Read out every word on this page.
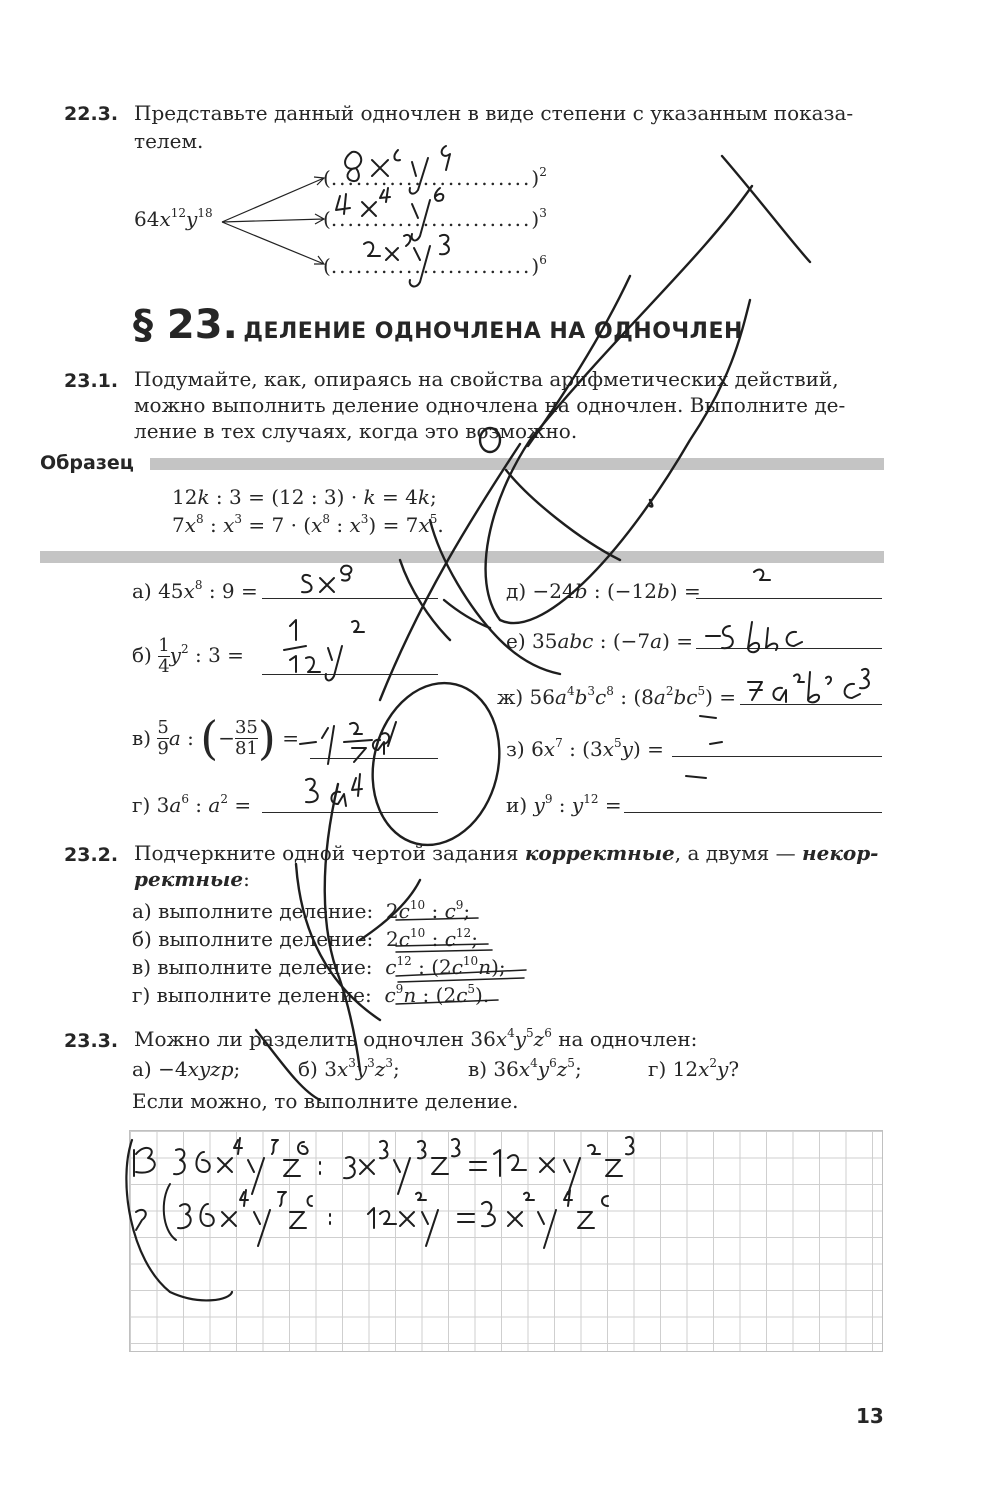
22.3. Представьте данный одночлен в виде степени с указанным показа-
телем.
$64x^{12}y^{18}$
(........................)$^2$
(........................)$^3$
(........................)$^6$
§ 23. ДЕЛЕНИЕ ОДНОЧЛЕНА НА ОДНОЧЛЕН
23.1. Подумайте, как, опираясь на свойства арифметических действий,
можно выполнить деление одночлена на одночлен. Выполните де-
ление в тех случаях, когда это возможно.
Образец
12k : 3 = (12 : 3) · k = 4k;
$7x^8$ : $x^3 = 7 \cdot (x^8$ : $x^3) = 7x^5$.
а) $45x^8$ : 9 =
$б) \frac{1}{4} y^2$ : 3 =
в)
$\frac{5}{9}$ a : ( − $\frac{35}{81}$ ) =
г) $3a^6$ : $a^2$ =
д) −24b : (−12b) =
е) 35abc : (−7a) =
ж) $56a^4b^3c^8$ : $(8a^2bc^5)$ =
з) $6x^7$ : $(3x^5y)$ =
и) $y^9$ : $y^{12}$ =
23.2. Подчеркните одной чертой задания корректные, а двумя — некор-
ректные:
а) выполните деление:  $2c^{10}$ : $c^9$;
б) выполните деление:  $2c^{10}$ : $c^{12}$;
в) выполните деление: $c^{12}$ : $(2c^{10}n)$;
г) выполните деление: $c^9n$ : $(2c^5)$.
23.3. Можно ли разделить одночлен $36x^4y^5z^6$ на одночлен:
а) −4xyzp;	б) $3x^3y^3z^3$;	в) $36x^4y^6z^5$;	г) $12x^2y$?
Если можно, то выполните деление.
13
